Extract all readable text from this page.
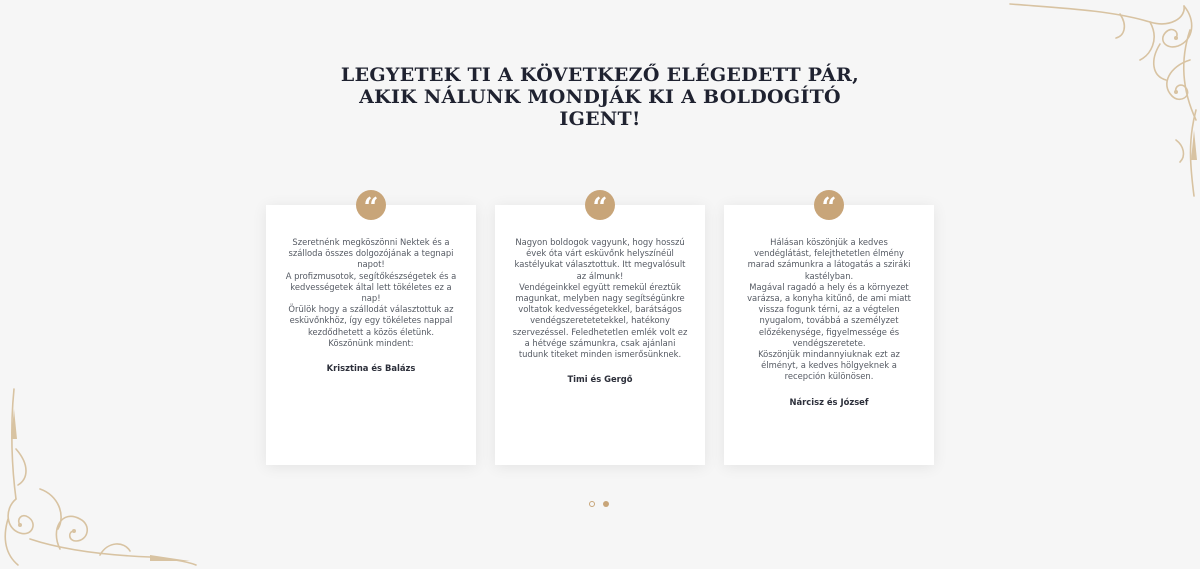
LEGYETEK TI A KÖVETKEZŐ ELÉGEDETT PÁR,
AKIK NÁLUNK MONDJÁK KI A BOLDOGÍTÓ
IGENT!
“

Szeretnénk megköszönni Nektek és a
szálloda összes dolgozójának a tegnapi
napot!
A profizmusotok, segítőkészségetek és a
kedvességetek által lett tökéletes ez a
nap!
Örülök hogy a szállodát választottuk az
esküvőnkhöz, így egy tökéletes nappal
kezdődhetett a közös életünk.
Köszönünk mindent:

Krisztina és Balázs

“

Nagyon boldogok vagyunk, hogy hosszú
évek óta várt esküvőnk helyszínéül
kastélyukat választottuk. Itt megvalósult
az álmunk!
Vendégeinkkel együtt remekül éreztük
magunkat, melyben nagy segítségünkre
voltatok kedvességetekkel, barátságos
vendégszeretetetekkel, hatékony
szervezéssel. Feledhetetlen emlék volt ez
a hétvége számunkra, csak ajánlani
tudunk titeket minden ismerősünknek.

Timi és Gergő

“

Hálásan köszönjük a kedves
vendéglátást, felejthetetlen élmény
marad számunkra a látogatás a sziráki
kastélyban.
Magával ragadó a hely és a környezet
varázsa, a konyha kitűnő, de ami miatt
vissza fogunk térni, az a végtelen
nyugalom, továbbá a személyzet
előzékenysége, figyelmessége és
vendégszeretete.
Köszönjük mindannyiuknak ezt az
élményt, a kedves hölgyeknek a
recepción különösen.

Nárcisz és József
